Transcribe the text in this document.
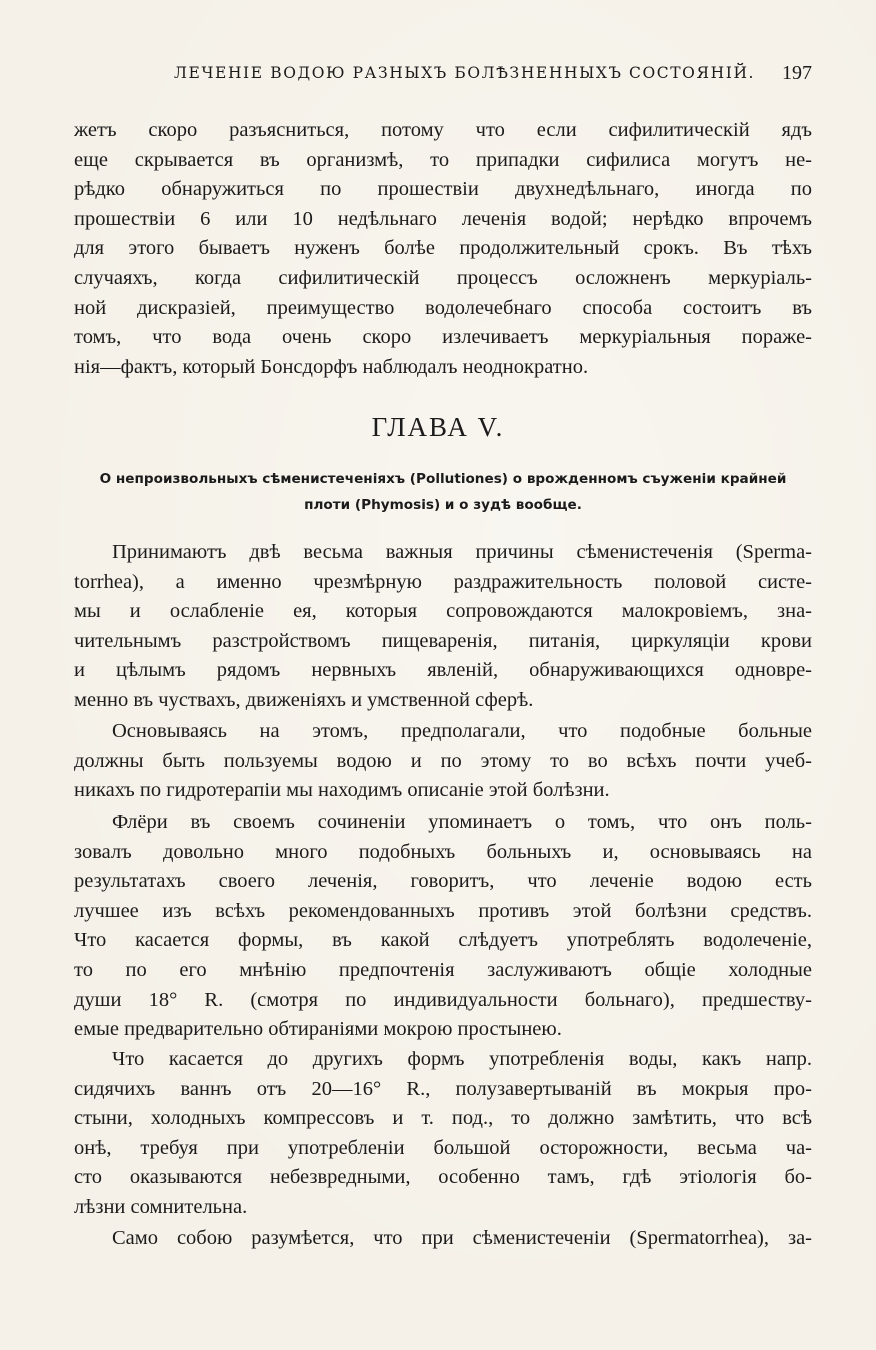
ЛЕЧЕНIЕ ВОДОЮ РАЗНЫХЪ БОЛѢЗНЕННЫХЪ СОСТОЯНIЙ. 197
жетъ скоро разъясниться, потому что если сифилитическiй ядъ
еще скрывается въ организмѣ, то припадки сифилиса могутъ не-
рѣдко обнаружиться по прошествiи двухнедѣльнаго, иногда по
прошествiи 6 или 10 недѣльнаго леченiя водой; нерѣдко впрочемъ
для этого бываетъ нуженъ болѣе продолжительный срокъ. Въ тѣхъ
случаяхъ, когда сифилитическiй процессъ осложненъ меркурiаль-
ной дискразiей, преимущество водолечебнаго способа состоитъ въ
томъ, что вода очень скоро излечиваетъ меркурiальныя пораже-
нiя—фактъ, который Бонсдорфъ наблюдалъ неоднократно.
ГЛАВА V.
О непроизвольныхъ сѣменистеченiяхъ (Pollutiones) о врожденномъ съуженiи крайней
плоти (Phymosis) и о зудѣ вообще.
Принимаютъ двѣ весьма важныя причины сѣменистеченiя (Sperma-
torrhea), а именно чрезмѣрную раздражительность половой систе-
мы и ослабленiе ея, которыя сопровождаются малокровiемъ, зна-
чительнымъ разстройствомъ пищеваренiя, питанiя, циркуляцiи крови
и цѣлымъ рядомъ нервныхъ явленiй, обнаруживающихся одновре-
менно въ чуствахъ, движенiяхъ и умственной сферѣ.
Основываясь на этомъ, предполагали, что подобные больные
должны быть пользуемы водою и по этому то во всѣхъ почти учеб-
никахъ по гидротерапiи мы находимъ описанiе этой болѣзни.
Флёри въ своемъ сочиненiи упоминаетъ о томъ, что онъ поль-
зовалъ довольно много подобныхъ больныхъ и, основываясь на
результатахъ своего леченiя, говоритъ, что леченiе водою есть
лучшее изъ всѣхъ рекомендованныхъ противъ этой болѣзни средствъ.
Что касается формы, въ какой слѣдуетъ употреблять водолеченiе,
то по его мнѣнiю предпочтенiя заслуживаютъ общiе холодные
души 18° R. (смотря по индивидуальности больнаго), предшеству-
емые предварительно обтиранiями мокрою простынею.
Что касается до другихъ формъ употребленiя воды, какъ напр.
сидячихъ ваннъ отъ 20—16° R., полузавертыванiй въ мокрыя про-
стыни, холодныхъ компрессовъ и т. под., то должно замѣтить, что всѣ
онѣ, требуя при употребленiи большой осторожности, весьма ча-
сто оказываются небезвредными, особенно тамъ, гдѣ этiологiя бо-
лѣзни сомнительна.
Само собою разумѣется, что при сѣменистеченiи (Spermatorrhea), за-
